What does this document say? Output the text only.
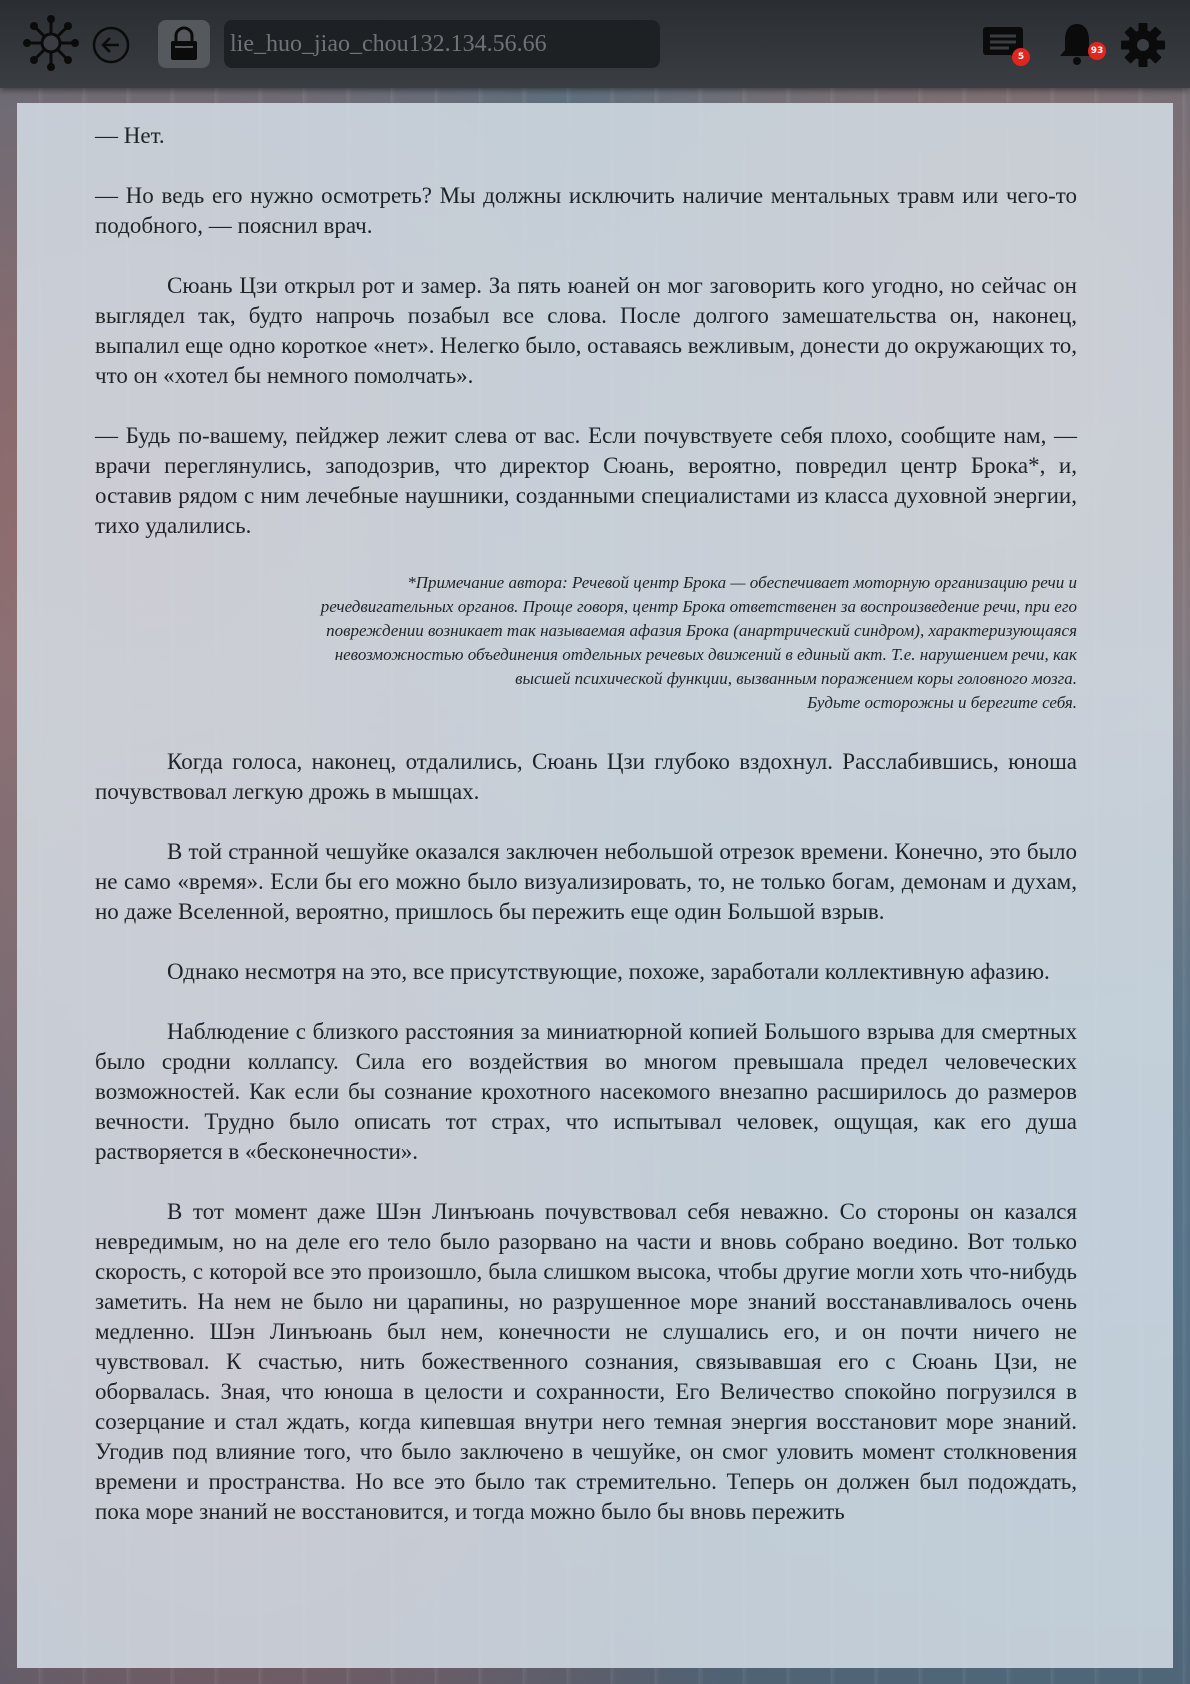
lie_huo_jiao_chou132.134.56.66	5
93

— Нет.

— Но ведь его нужно осмотреть? Мы должны исключить наличие ментальных травм или чего-то подобного, — пояснил врач.

Сюань Цзи открыл рот и замер. За пять юаней он мог заговорить кого угодно, но сейчас он выглядел так, будто напрочь позабыл все слова. После долгого замешательства он, наконец, выпалил еще одно короткое «нет». Нелегко было, оставаясь вежливым, донести до окружающих то, что он «хотел бы немного помолчать».

— Будь по-вашему, пейджер лежит слева от вас. Если почувствуете себя плохо, сообщите нам, — врачи переглянулись, заподозрив, что директор Сюань, вероятно, повредил центр Брока*, и, оставив рядом с ним лечебные наушники, созданными специалистами из класса духовной энергии, тихо удалились.

*Примечание автора: Речевой центр Брока — обеспечивает моторную организацию речи и
речедвигательных органов. Проще говоря, центр Брока ответственен за воспроизведение речи, при его
повреждении возникает так называемая афазия Брока (анартрический синдром), характеризующаяся
невозможностью объединения отдельных речевых движений в единый акт. Т.е. нарушением речи, как
высшей психической функции, вызванным поражением коры головного мозга.
Будьте осторожны и берегите себя.

Когда голоса, наконец, отдалились, Сюань Цзи глубоко вздохнул. Расслабившись, юноша почувствовал легкую дрожь в мышцах.

В той странной чешуйке оказался заключен небольшой отрезок времени. Конечно, это было не само «время». Если бы его можно было визуализировать, то, не только богам, демонам и духам, но даже Вселенной, вероятно, пришлось бы пережить еще один Большой взрыв.

Однако несмотря на это, все присутствующие, похоже, заработали коллективную афазию.

Наблюдение с близкого расстояния за миниатюрной копией Большого взрыва для смертных было сродни коллапсу. Сила его воздействия во многом превышала предел человеческих возможностей. Как если бы сознание крохотного насекомого внезапно расширилось до размеров вечности. Трудно было описать тот страх, что испытывал человек, ощущая, как его душа растворяется в «бесконечности».

В тот момент даже Шэн Линъюань почувствовал себя неважно. Со стороны он казался невредимым, но на деле его тело было разорвано на части и вновь собрано воедино. Вот только скорость, с которой все это произошло, была слишком высока, чтобы другие могли хоть что-нибудь заметить. На нем не было ни царапины, но разрушенное море знаний восстанавливалось очень медленно. Шэн Линъюань был нем, конечности не слушались его, и он почти ничего не чувствовал. К счастью, нить божественного сознания, связывавшая его с Сюань Цзи, не оборвалась. Зная, что юноша в целости и сохранности, Его Величество спокойно погрузился в созерцание и стал ждать, когда кипевшая внутри него темная энергия восстановит море знаний. Угодив под влияние того, что было заключено в чешуйке, он смог уловить момент столкновения времени и пространства. Но все это было так стремительно. Теперь он должен был подождать, пока море знаний не восстановится, и тогда можно было бы вновь пережить
